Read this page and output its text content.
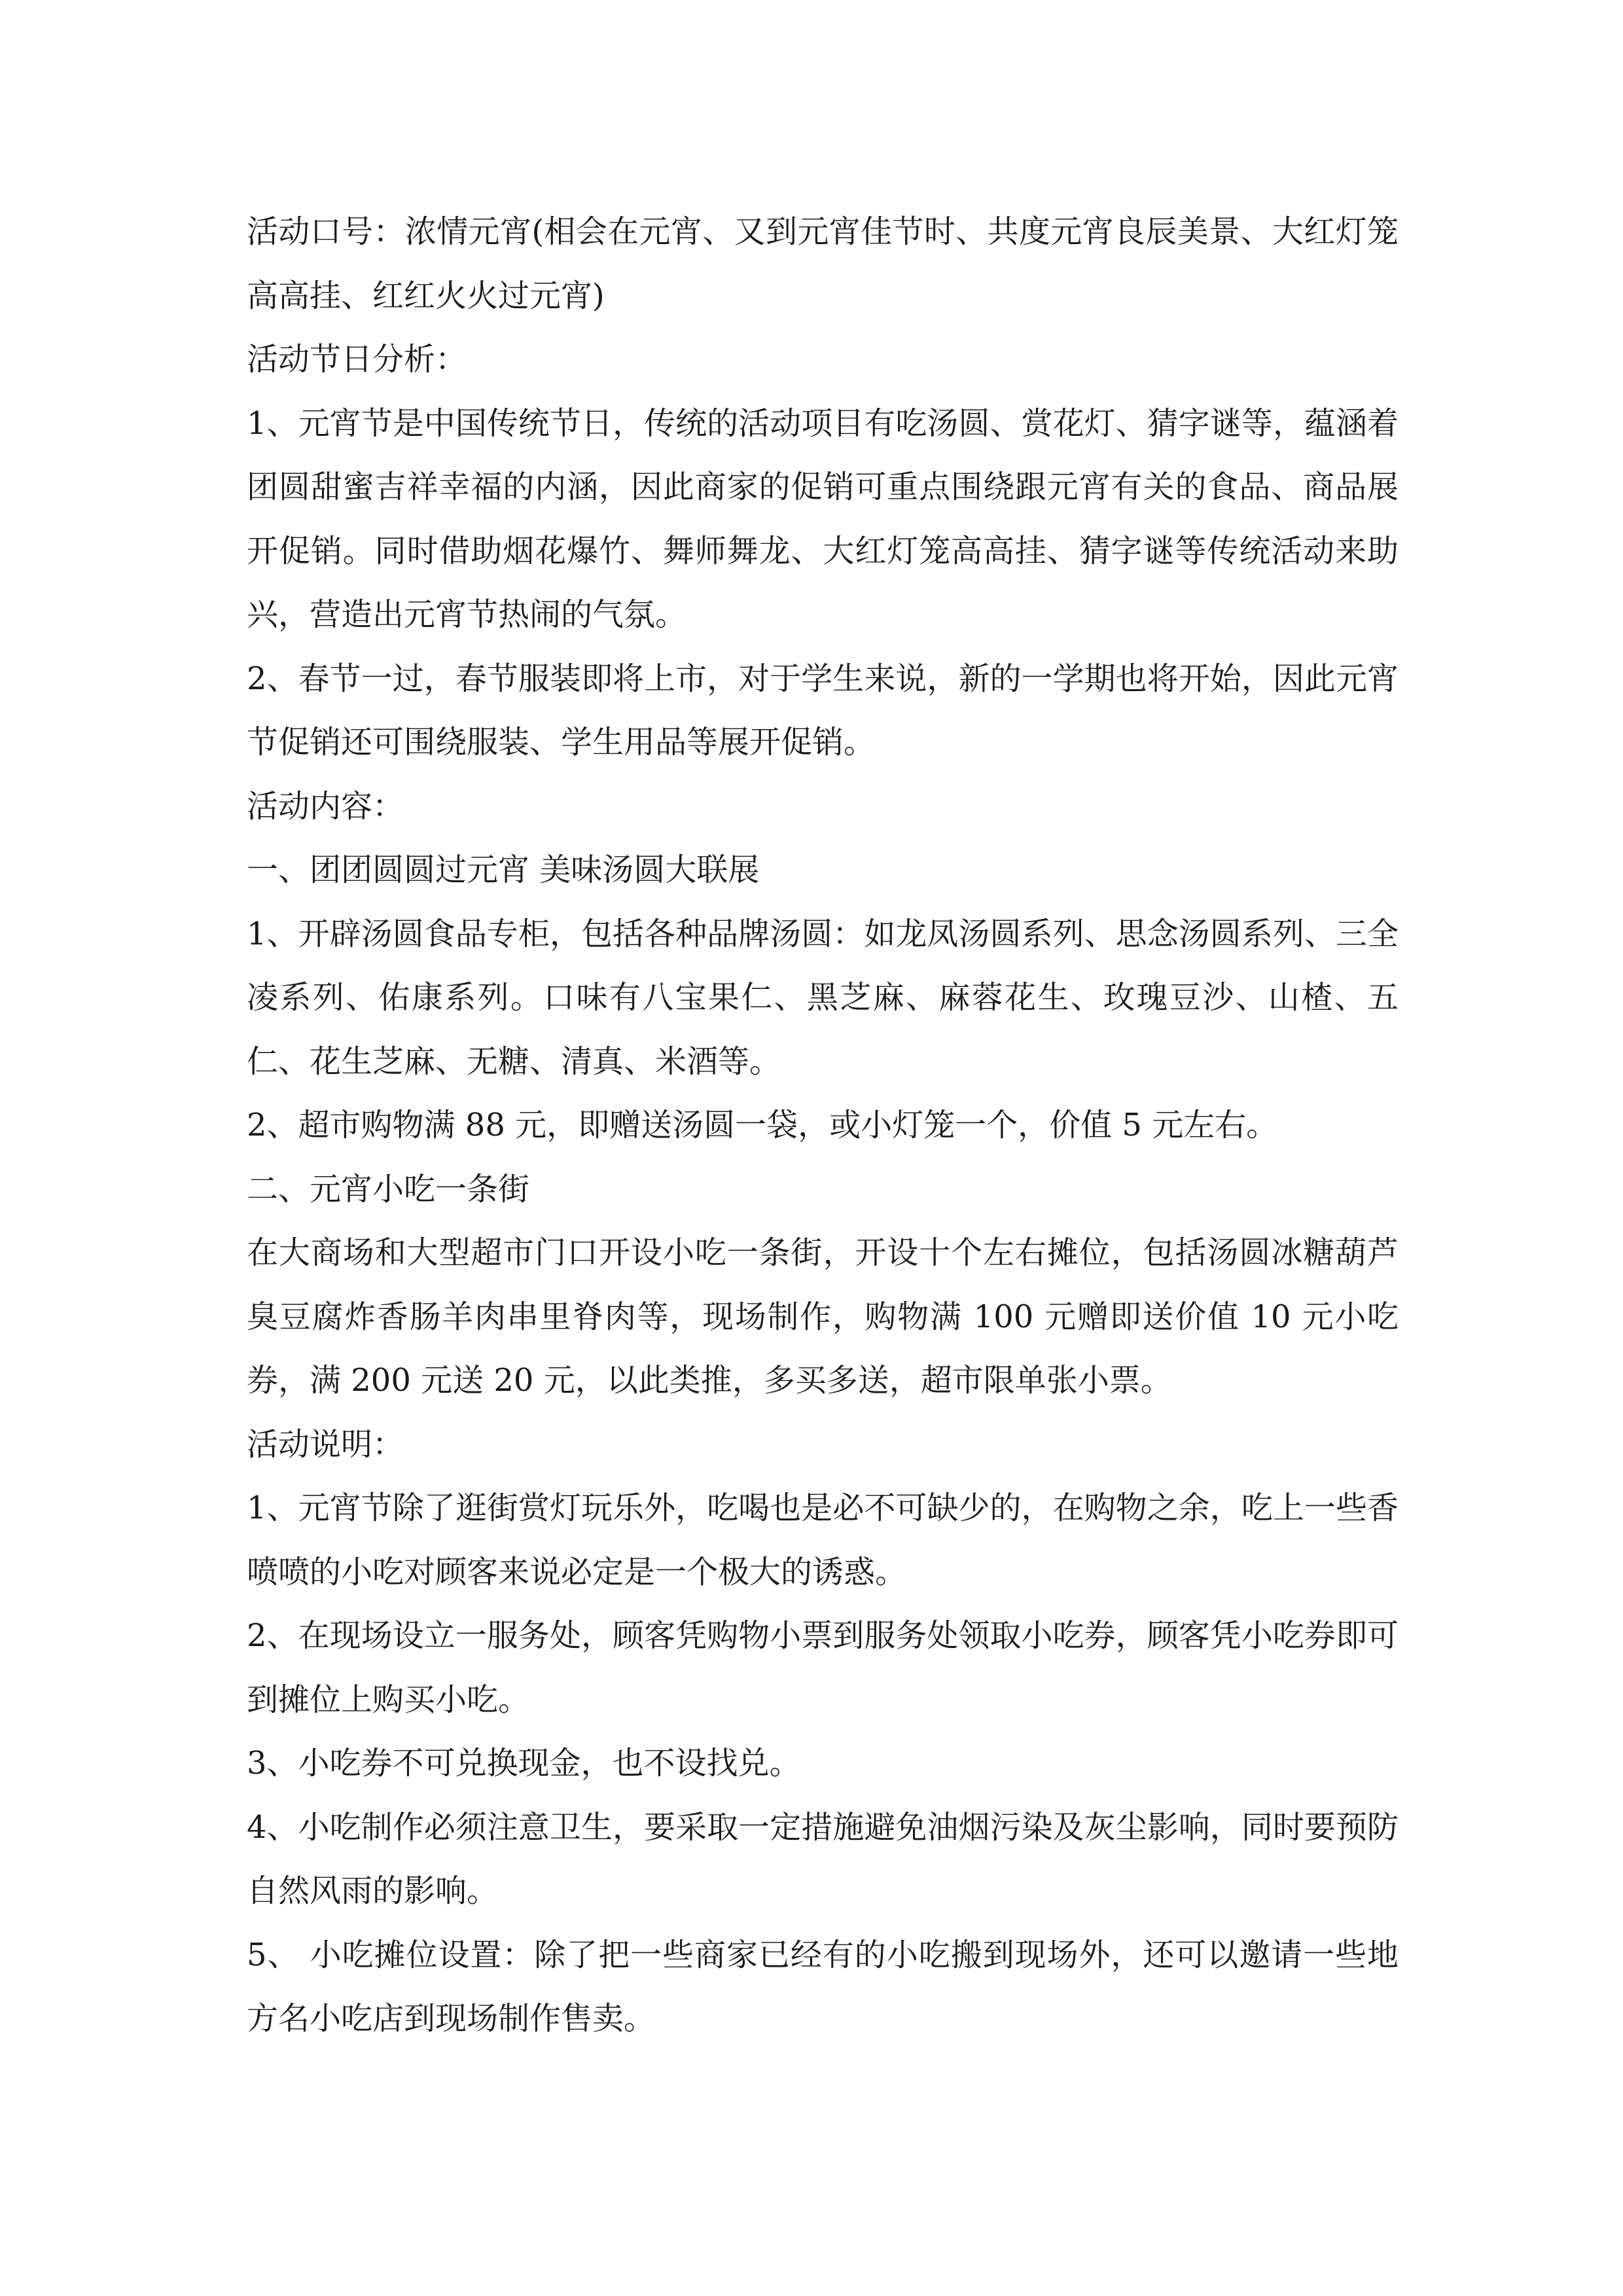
活动口号：浓情元宵(相会在元宵、又到元宵佳节时、共度元宵良辰美景、大红灯笼高高挂、红红火火过元宵)

活动节日分析：

1、元宵节是中国传统节日，传统的活动项目有吃汤圆、赏花灯、猜字谜等，蕴涵着团圆甜蜜吉祥幸福的内涵，因此商家的促销可重点围绕跟元宵有关的食品、商品展开促销。同时借助烟花爆竹、舞师舞龙、大红灯笼高高挂、猜字谜等传统活动来助兴，营造出元宵节热闹的气氛。

2、春节一过，春节服装即将上市，对于学生来说，新的一学期也将开始，因此元宵节促销还可围绕服装、学生用品等展开促销。

活动内容：

一、团团圆圆过元宵 美味汤圆大联展

1、开辟汤圆食品专柜，包括各种品牌汤圆：如龙凤汤圆系列、思念汤圆系列、三全凌系列、佑康系列。口味有八宝果仁、黑芝麻、麻蓉花生、玫瑰豆沙、山楂、五仁、花生芝麻、无糖、清真、米酒等。

2、超市购物满 88 元，即赠送汤圆一袋，或小灯笼一个，价值 5 元左右。

二、元宵小吃一条街

在大商场和大型超市门口开设小吃一条街，开设十个左右摊位，包括汤圆冰糖葫芦臭豆腐炸香肠羊肉串里脊肉等，现场制作，购物满 100 元赠即送价值 10 元小吃券，满 200 元送 20 元，以此类推，多买多送，超市限单张小票。

活动说明：

1、元宵节除了逛街赏灯玩乐外，吃喝也是必不可缺少的，在购物之余，吃上一些香喷喷的小吃对顾客来说必定是一个极大的诱惑。

2、在现场设立一服务处，顾客凭购物小票到服务处领取小吃券，顾客凭小吃券即可到摊位上购买小吃。

3、小吃券不可兑换现金，也不设找兑。

4、小吃制作必须注意卫生，要采取一定措施避免油烟污染及灰尘影响，同时要预防自然风雨的影响。

5、 小吃摊位设置：除了把一些商家已经有的小吃搬到现场外，还可以邀请一些地方名小吃店到现场制作售卖。
